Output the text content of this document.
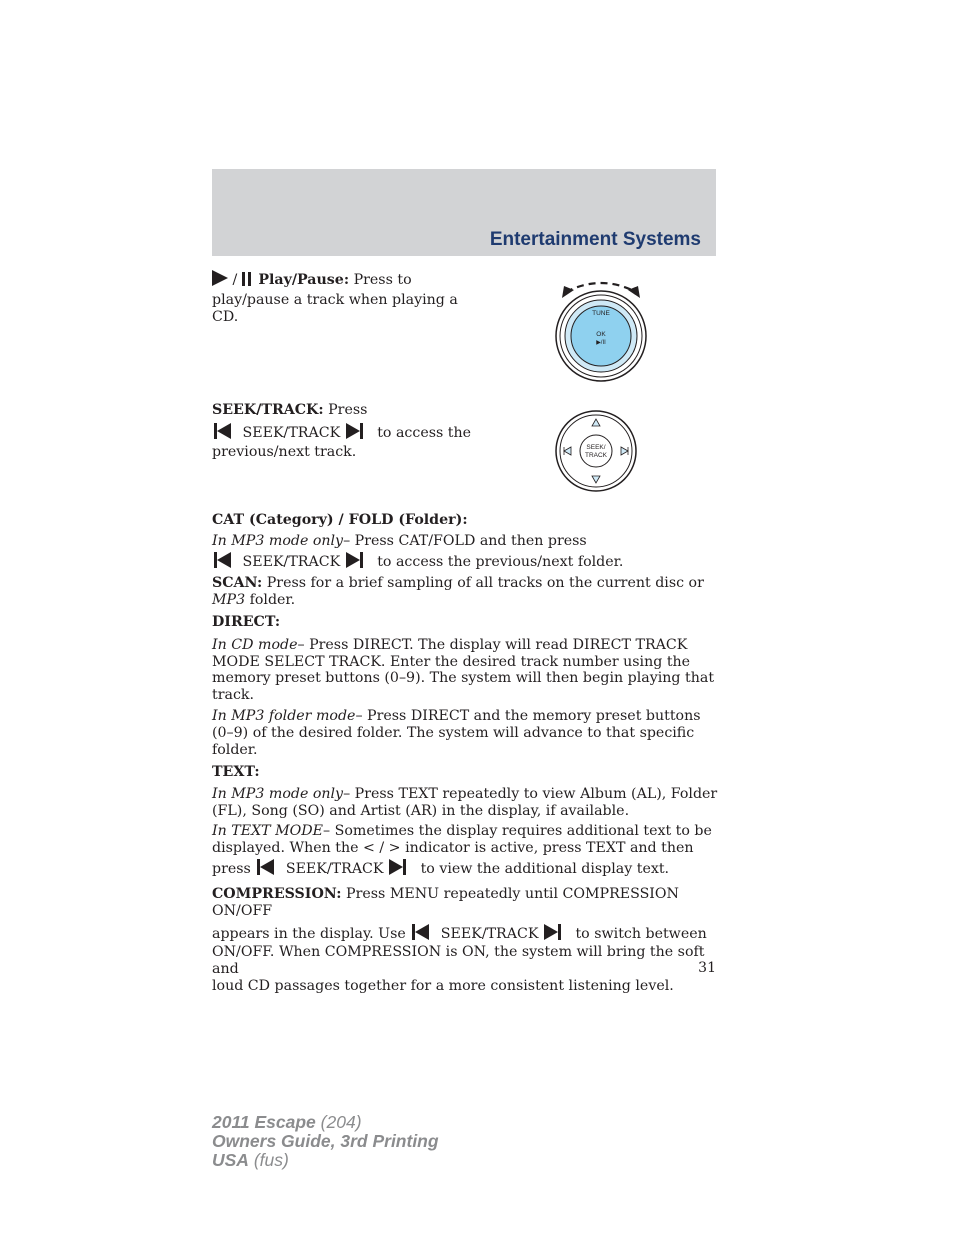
Entertainment Systems
/ Play/Pause: Press to
play/pause a track when playing a
CD.	TUNE
OK
▶/II
SEEK/TRACK: Press
SEEK/TRACK	to access the
previous/next track.	SEEK/
TRACK
CAT (Category) / FOLD (Folder):
In MP3 mode only– Press CAT/FOLD and then press
SEEK/TRACK	to access the previous/next folder.
SCAN: Press for a brief sampling of all tracks on the current disc or
MP3 folder.
DIRECT:
In CD mode– Press DIRECT. The display will read DIRECT TRACK
MODE SELECT TRACK. Enter the desired track number using the
memory preset buttons (0–9). The system will then begin playing that
track.
In MP3 folder mode– Press DIRECT and the memory preset buttons
(0–9) of the desired folder. The system will advance to that specific
folder.
TEXT:
In MP3 mode only– Press TEXT repeatedly to view Album (AL), Folder
(FL), Song (SO) and Artist (AR) in the display, if available.
In TEXT MODE– Sometimes the display requires additional text to be
displayed. When the < / > indicator is active, press TEXT and then
press SEEK/TRACK	to view the additional display text.
COMPRESSION: Press MENU repeatedly until COMPRESSION ON/OFF
appears in the display. Use SEEK/TRACK	to switch between
ON/OFF. When COMPRESSION is ON, the system will bring the soft and
loud CD passages together for a more consistent listening level.
31
2011 Escape (204)
Owners Guide, 3rd Printing
USA (fus)
